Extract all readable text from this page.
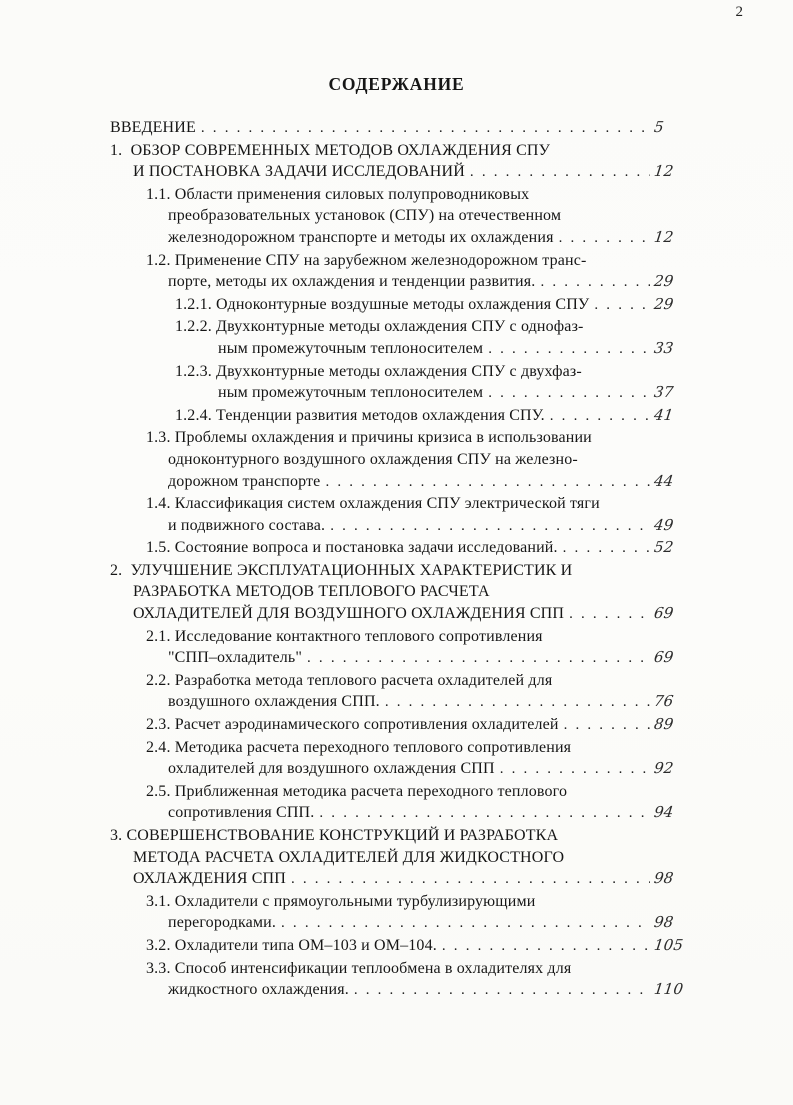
2
СОДЕРЖАНИЕ
ВВЕДЕНИЕ . . .	5
1.  ОБЗОР СОВРЕМЕННЫХ МЕТОДОВ ОХЛАЖДЕНИЯ СПУ
И ПОСТАНОВКА ЗАДАЧИ ИССЛЕДОВАНИЙ . . .	12
1.1. Области применения силовых полупроводниковых
преобразовательных установок (СПУ) на отечественном
железнодорожном транспорте и методы их охлаждения . . .	12
1.2. Применение СПУ на зарубежном железнодорожном транс-
порте, методы их охлаждения и тенденции развития. . . .	29
1.2.1. Одноконтурные воздушные методы охлаждения СПУ . . .	29
1.2.2. Двухконтурные методы охлаждения СПУ с однофаз-
ным промежуточным теплоносителем . . .	33
1.2.3. Двухконтурные методы охлаждения СПУ с двухфаз-
ным промежуточным теплоносителем . . .	37
1.2.4. Тенденции развития методов охлаждения СПУ. . . .	41
1.3. Проблемы охлаждения и причины кризиса в использовании
одноконтурного воздушного охлаждения СПУ на железно-
дорожном транспорте . . .	44
1.4. Классификация систем охлаждения СПУ электрической тяги
и подвижного состава. . . .	49
1.5. Состояние вопроса и постановка задачи исследований. . . .	52
2.  УЛУЧШЕНИЕ ЭКСПЛУАТАЦИОННЫХ ХАРАКТЕРИСТИК И
РАЗРАБОТКА МЕТОДОВ ТЕПЛОВОГО РАСЧЕТА
ОХЛАДИТЕЛЕЙ ДЛЯ ВОЗДУШНОГО ОХЛАЖДЕНИЯ СПП . . .	69
2.1. Исследование контактного теплового сопротивления
"СПП–охладитель" . . .	69
2.2. Разработка метода теплового расчета охладителей для
воздушного охлаждения СПП. . . .	76
2.3. Расчет аэродинамического сопротивления охладителей . . .	89
2.4. Методика расчета переходного теплового сопротивления
охладителей для воздушного охлаждения СПП . . .	92
2.5. Приближенная методика расчета переходного теплового
сопротивления СПП. . . .	94
3. СОВЕРШЕНСТВОВАНИЕ КОНСТРУКЦИЙ И РАЗРАБОТКА
МЕТОДА РАСЧЕТА ОХЛАДИТЕЛЕЙ ДЛЯ ЖИДКОСТНОГО
ОХЛАЖДЕНИЯ СПП . . .	98
3.1. Охладители с прямоугольными турбулизирующими
перегородками. . . .	98
3.2. Охладители типа ОМ–103 и ОМ–104. . . .	105
3.3. Способ интенсификации теплообмена в охладителях для
жидкостного охлаждения. . . .	110
